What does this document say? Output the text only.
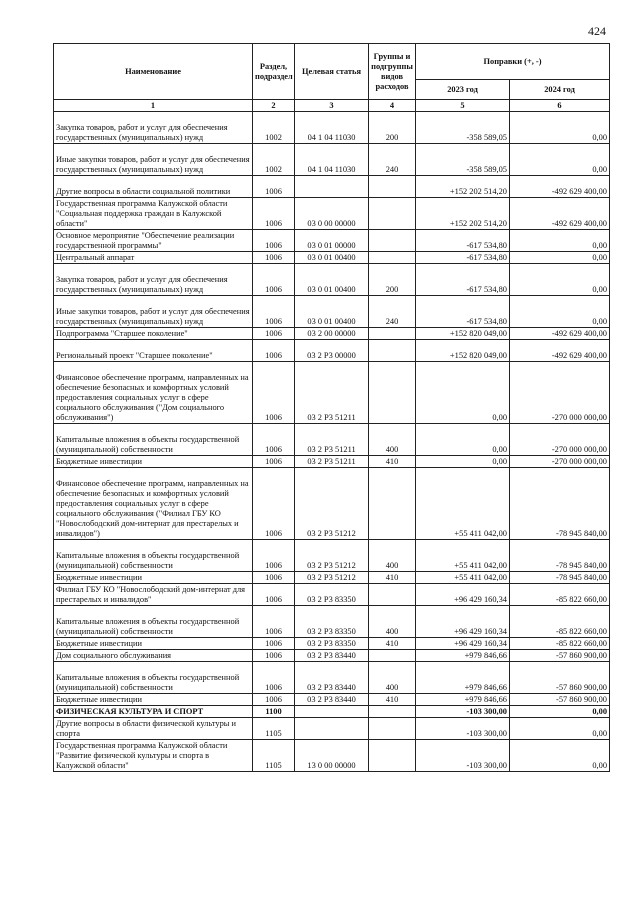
424
Наименование	Раздел, подраздел	Целевая статья	Группы и подгруппы видов расходов	Поправки (+, -)	
				2023 год	2024 год
1	2	3	4	5	6
Закупка товаров, работ и услуг для обеспечения государственных (муниципальных) нужд	1002	04 1 04 11030	200	-358 589,05	0,00
Иные закупки товаров, работ и услуг для обеспечения государственных (муниципальных) нужд	1002	04 1 04 11030	240	-358 589,05	0,00
Другие вопросы в области социальной политики	1006			+152 202 514,20	-492 629 400,00
Государственная программа Калужской области "Социальная поддержка граждан в Калужской области"	1006	03 0 00 00000		+152 202 514,20	-492 629 400,00
Основное мероприятие "Обеспечение реализации государственной программы"	1006	03 0 01 00000		-617 534,80	0,00
Центральный аппарат	1006	03 0 01 00400		-617 534,80	0,00
Закупка товаров, работ и услуг для обеспечения государственных (муниципальных) нужд	1006	03 0 01 00400	200	-617 534,80	0,00
Иные закупки товаров, работ и услуг для обеспечения государственных (муниципальных) нужд	1006	03 0 01 00400	240	-617 534,80	0,00
Подпрограмма "Старшее поколение"	1006	03 2 00 00000		+152 820 049,00	-492 629 400,00
Региональный проект "Старшее поколение"	1006	03 2 P3 00000		+152 820 049,00	-492 629 400,00
Финансовое обеспечение программ, направленных на обеспечение безопасных и комфортных условий предоставления социальных услуг в сфере социального обслуживания ("Дом социального обслуживания")	1006	03 2 P3 51211		0,00	-270 000 000,00
Капитальные вложения в объекты государственной (муниципальной) собственности	1006	03 2 P3 51211	400	0,00	-270 000 000,00
Бюджетные инвестиции	1006	03 2 P3 51211	410	0,00	-270 000 000,00
Финансовое обеспечение программ, направленных на обеспечение безопасных и комфортных условий предоставления социальных услуг в сфере социального обслуживания ("Филиал ГБУ КО "Новослободский дом-интернат для престарелых и инвалидов")	1006	03 2 P3 51212		+55 411 042,00	-78 945 840,00
Капитальные вложения в объекты государственной (муниципальной) собственности	1006	03 2 P3 51212	400	+55 411 042,00	-78 945 840,00
Бюджетные инвестиции	1006	03 2 P3 51212	410	+55 411 042,00	-78 945 840,00
Филиал ГБУ КО "Новослободский дом-интернат для престарелых и инвалидов"	1006	03 2 P3 83350		+96 429 160,34	-85 822 660,00
Капитальные вложения в объекты государственной (муниципальной) собственности	1006	03 2 P3 83350	400	+96 429 160,34	-85 822 660,00
Бюджетные инвестиции	1006	03 2 P3 83350	410	+96 429 160,34	-85 822 660,00
Дом социального обслуживания	1006	03 2 P3 83440		+979 846,66	-57 860 900,00
Капитальные вложения в объекты государственной (муниципальной) собственности	1006	03 2 P3 83440	400	+979 846,66	-57 860 900,00
Бюджетные инвестиции	1006	03 2 P3 83440	410	+979 846,66	-57 860 900,00
ФИЗИЧЕСКАЯ КУЛЬТУРА И СПОРТ	1100			-103 300,00	0,00
Другие вопросы в области физической культуры и спорта	1105			-103 300,00	0,00
Государственная программа Калужской области "Развитие физической культуры и спорта в Калужской области"	1105	13 0 00 00000		-103 300,00	0,00
